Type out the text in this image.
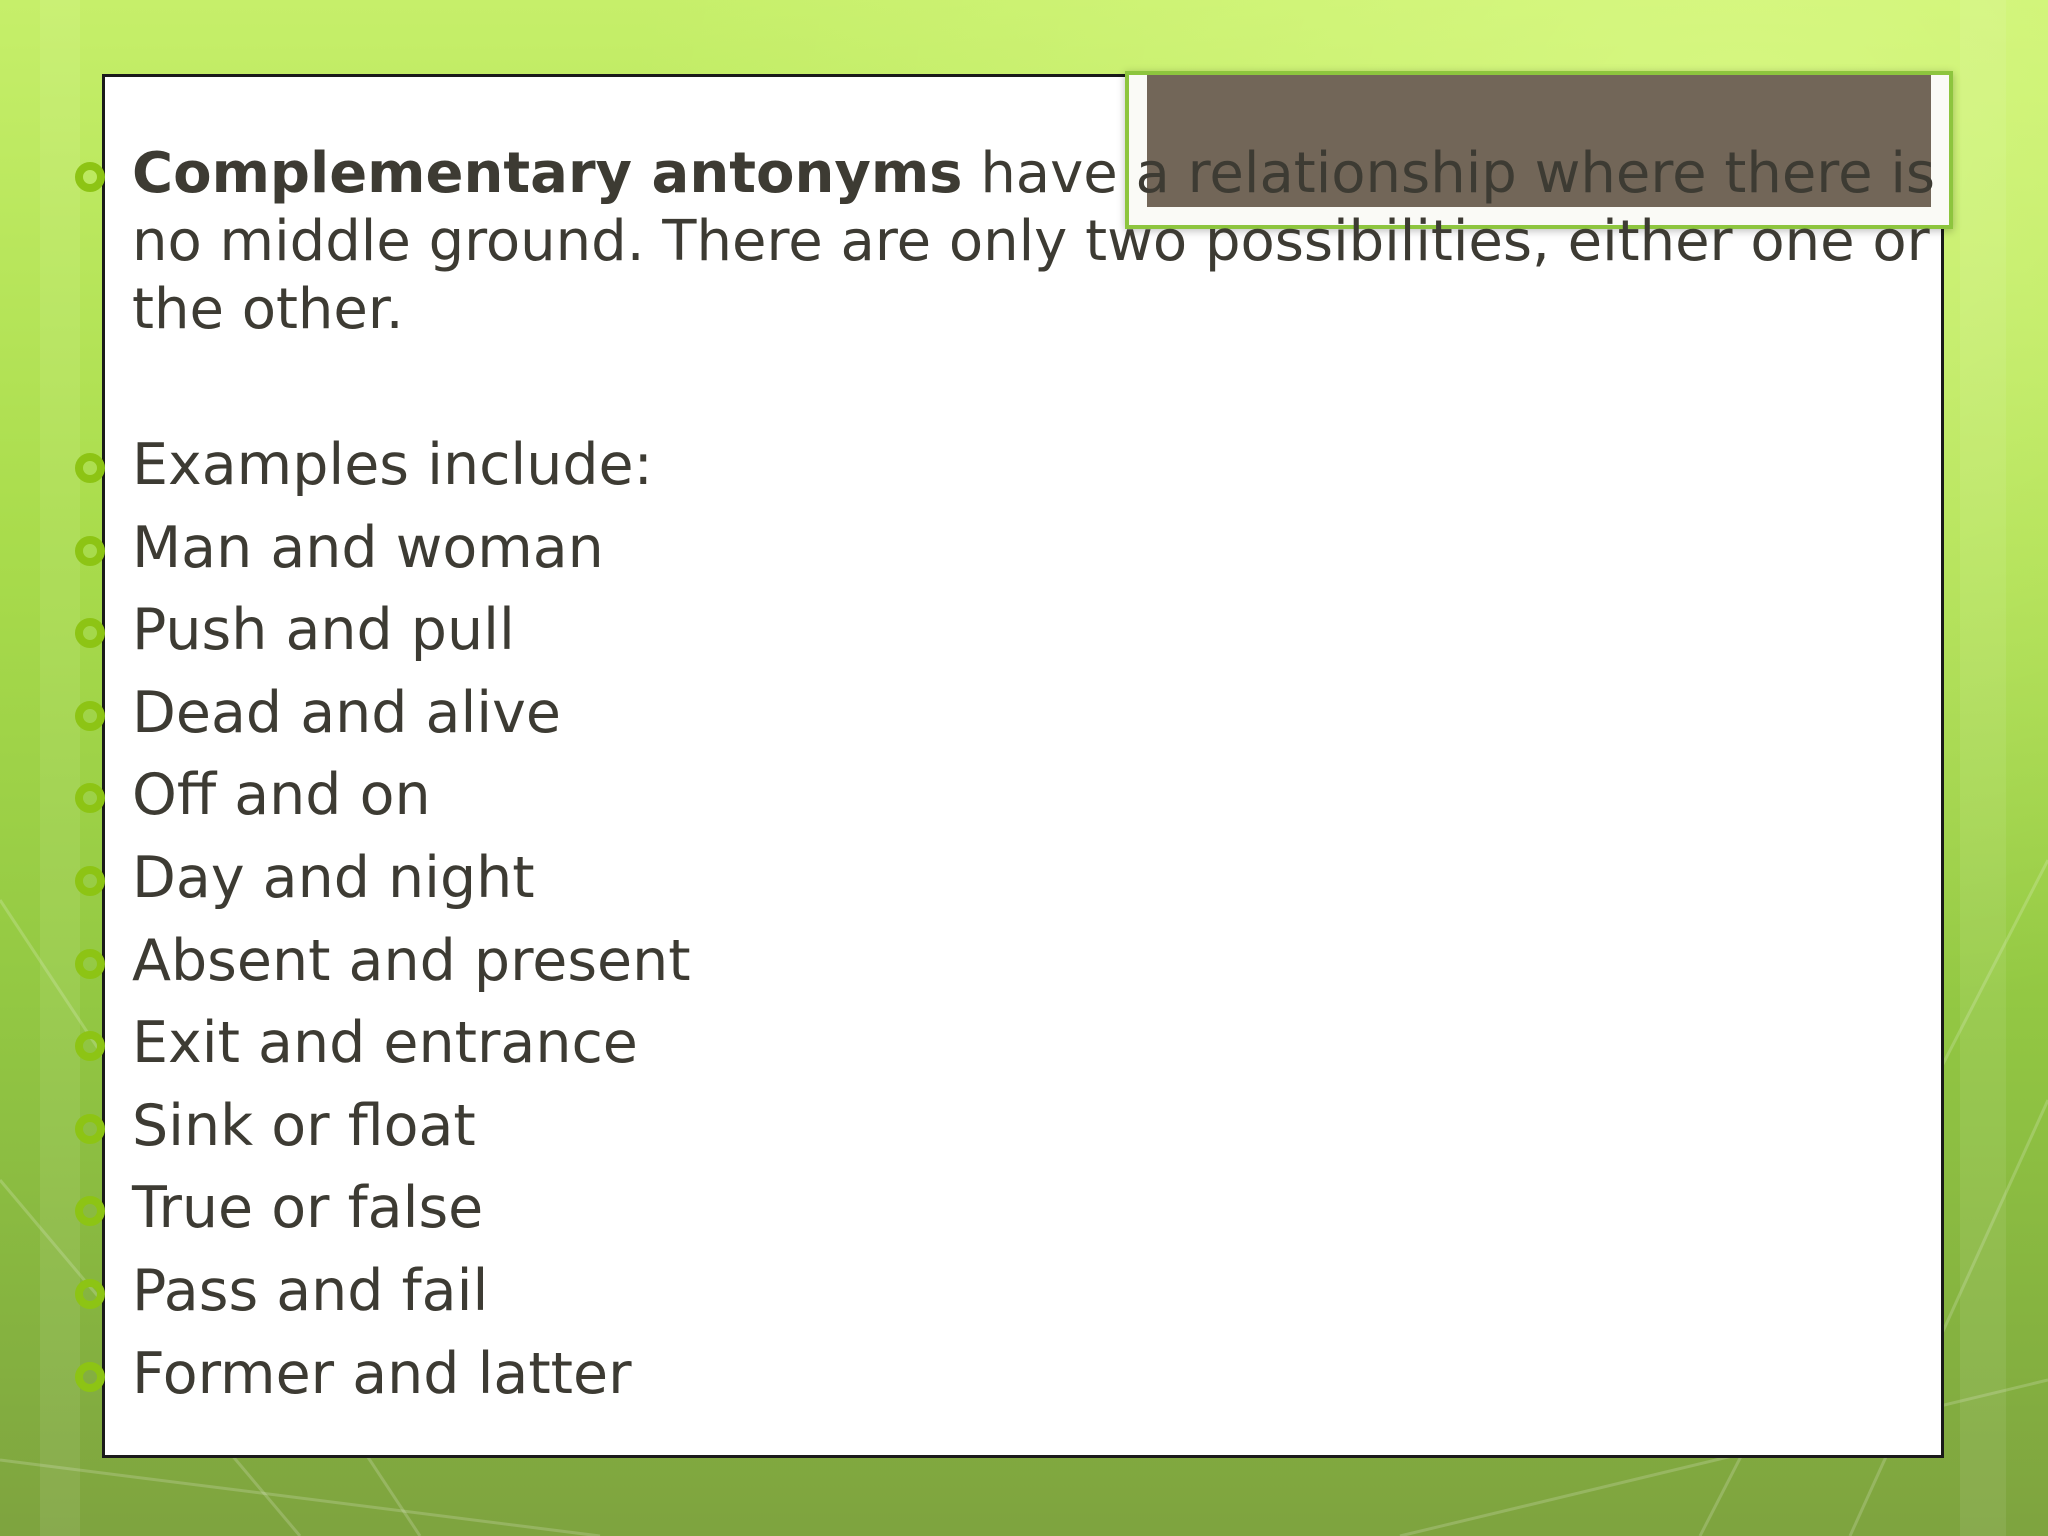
Complementary antonyms have a relationship where there is no middle ground. There are only two possibilities, either one or the other.
Examples include:
Man and woman
Push and pull
Dead and alive
Off and on
Day and night
Absent and present
Exit and entrance
Sink or float
True or false
Pass and fail
Former and latter
